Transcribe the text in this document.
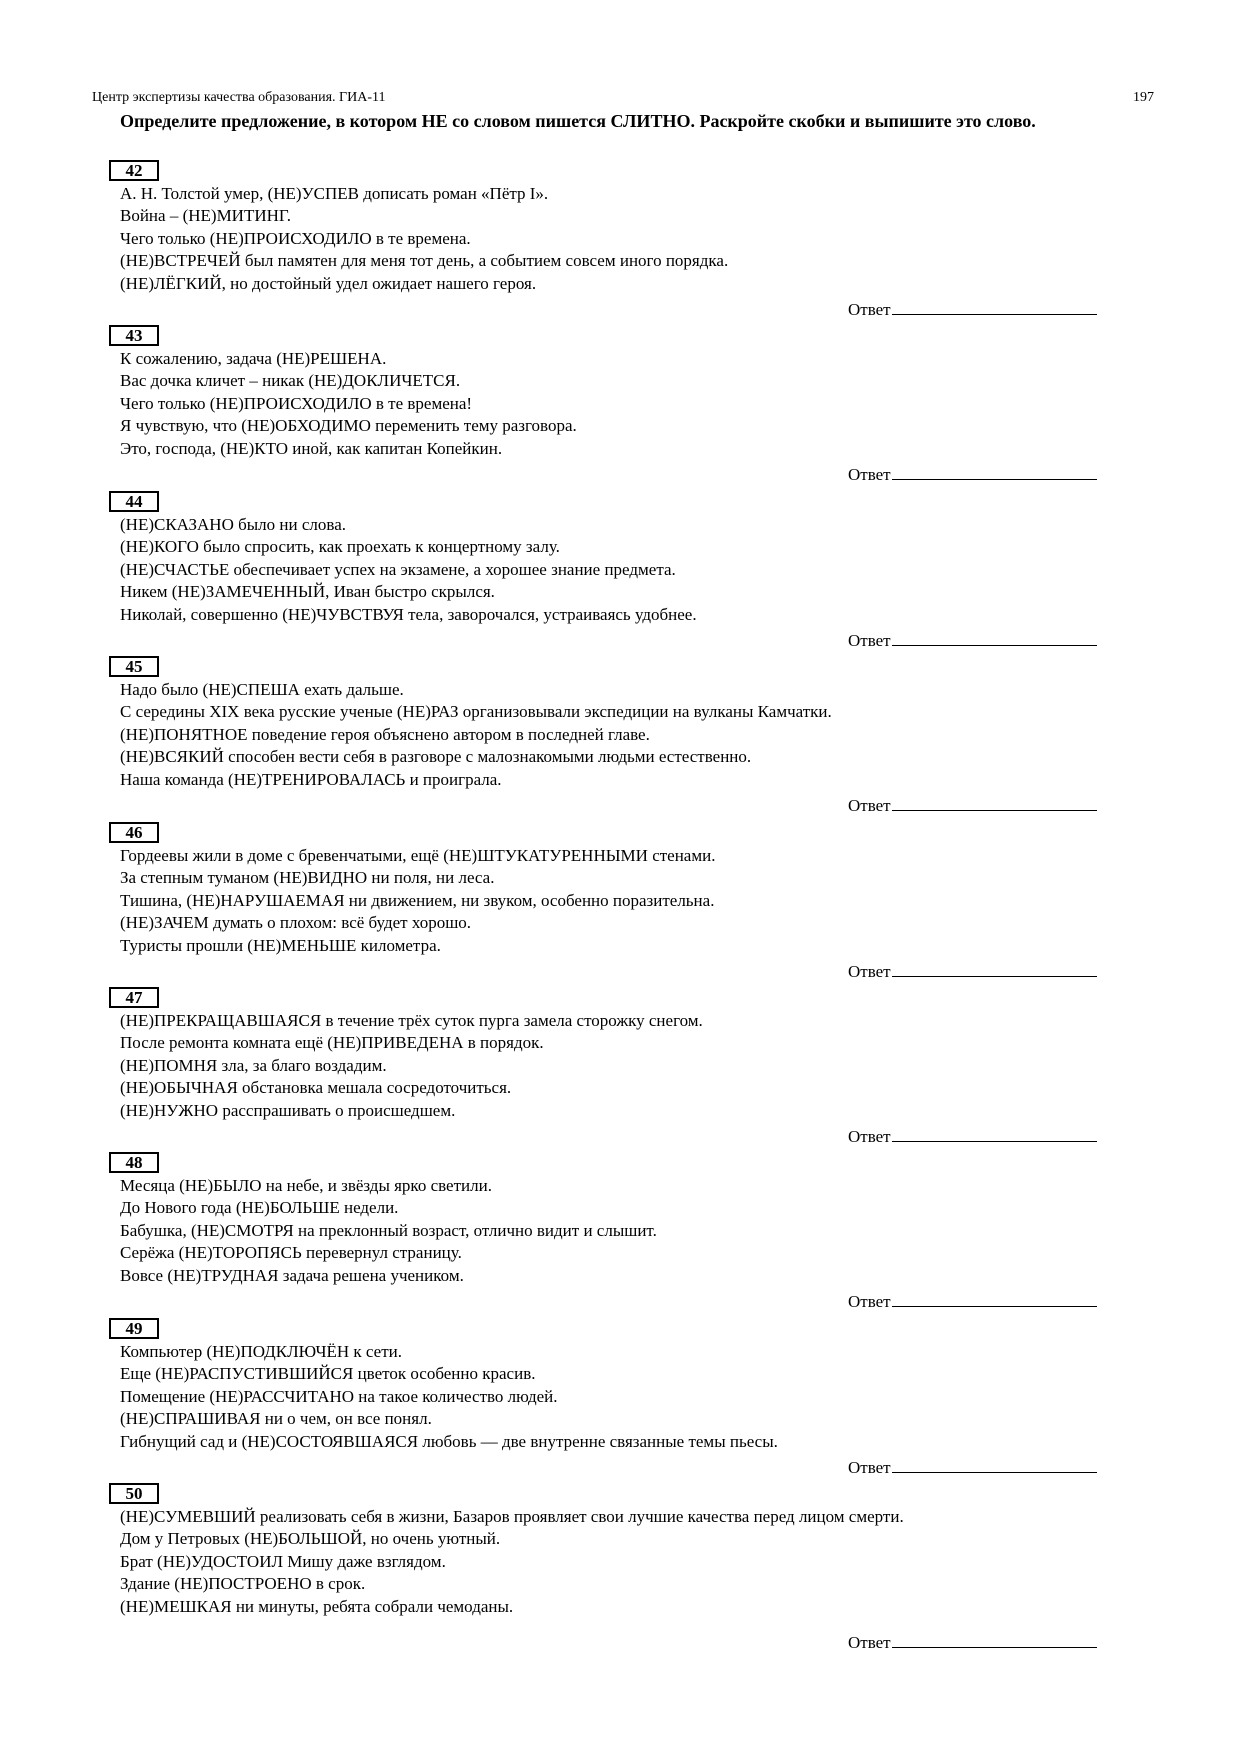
Центр экспертизы качества образования. ГИА-11	197
Определите предложение, в котором НЕ со словом пишется СЛИТНО. Раскройте скобки и выпишите это слово.
42
А. Н. Толстой умер, (НЕ)УСПЕВ дописать роман «Пётр I».
Война – (НЕ)МИТИНГ.
Чего только (НЕ)ПРОИСХОДИЛО в те времена.
(НЕ)ВСТРЕЧЕЙ был памятен для меня тот день, а событием совсем иного порядка.
(НЕ)ЛЁГКИЙ, но достойный удел ожидает нашего героя.
Ответ
43
К сожалению, задача (НЕ)РЕШЕНА.
Вас дочка кличет – никак (НЕ)ДОКЛИЧЕТСЯ.
Чего только (НЕ)ПРОИСХОДИЛО в те времена!
Я чувствую, что (НЕ)ОБХОДИМО переменить тему разговора.
Это, господа, (НЕ)КТО иной, как капитан Копейкин.
Ответ
44
(НЕ)СКАЗАНО было ни слова.
(НЕ)КОГО было спросить, как проехать к концертному залу.
(НЕ)СЧАСТЬЕ обеспечивает успех на экзамене, а хорошее знание предмета.
Никем (НЕ)ЗАМЕЧЕННЫЙ, Иван быстро скрылся.
Николай, совершенно (НЕ)ЧУВСТВУЯ тела, заворочался, устраиваясь удобнее.
Ответ
45
Надо было (НЕ)СПЕША ехать дальше.
С середины XIX века русские ученые (НЕ)РАЗ организовывали экспедиции на вулканы Камчатки.
(НЕ)ПОНЯТНОЕ поведение героя объяснено автором в последней главе.
(НЕ)ВСЯКИЙ способен вести себя в разговоре с малознакомыми людьми естественно.
Наша команда (НЕ)ТРЕНИРОВАЛАСЬ и проиграла.
Ответ
46
Гордеевы жили в доме с бревенчатыми, ещё (НЕ)ШТУКАТУРЕННЫМИ стенами.
За степным туманом (НЕ)ВИДНО ни поля, ни леса.
Тишина, (НЕ)НАРУШАЕМАЯ ни движением, ни звуком, особенно поразительна.
(НЕ)ЗАЧЕМ думать о плохом: всё будет хорошо.
Туристы прошли (НЕ)МЕНЬШЕ километра.
Ответ
47
(НЕ)ПРЕКРАЩАВШАЯСЯ в течение трёх суток пурга замела сторожку снегом.
После ремонта комната ещё (НЕ)ПРИВЕДЕНА в порядок.
(НЕ)ПОМНЯ зла, за благо воздадим.
(НЕ)ОБЫЧНАЯ обстановка мешала сосредоточиться.
(НЕ)НУЖНО расспрашивать о происшедшем.
Ответ
48
Месяца (НЕ)БЫЛО на небе, и звёзды ярко светили.
До Нового года (НЕ)БОЛЬШЕ недели.
Бабушка, (НЕ)СМОТРЯ на преклонный возраст, отлично видит и слышит.
Серёжа (НЕ)ТОРОПЯСЬ перевернул страницу.
Вовсе (НЕ)ТРУДНАЯ задача решена учеником.
Ответ
49
Компьютер (НЕ)ПОДКЛЮЧЁН к сети.
Еще (НЕ)РАСПУСТИВШИЙСЯ цветок особенно красив.
Помещение (НЕ)РАССЧИТАНО на такое количество людей.
(НЕ)СПРАШИВАЯ ни о чем, он все понял.
Гибнущий сад и (НЕ)СОСТОЯВШАЯСЯ любовь — две внутренне связанные темы пьесы.
Ответ
50
(НЕ)СУМЕВШИЙ реализовать себя в жизни, Базаров проявляет свои лучшие качества перед лицом смерти.
Дом у Петровых (НЕ)БОЛЬШОЙ, но очень уютный.
Брат (НЕ)УДОСТОИЛ Мишу даже взглядом.
Здание (НЕ)ПОСТРОЕНО в срок.
(НЕ)МЕШКАЯ ни минуты, ребята собрали чемоданы.
Ответ
